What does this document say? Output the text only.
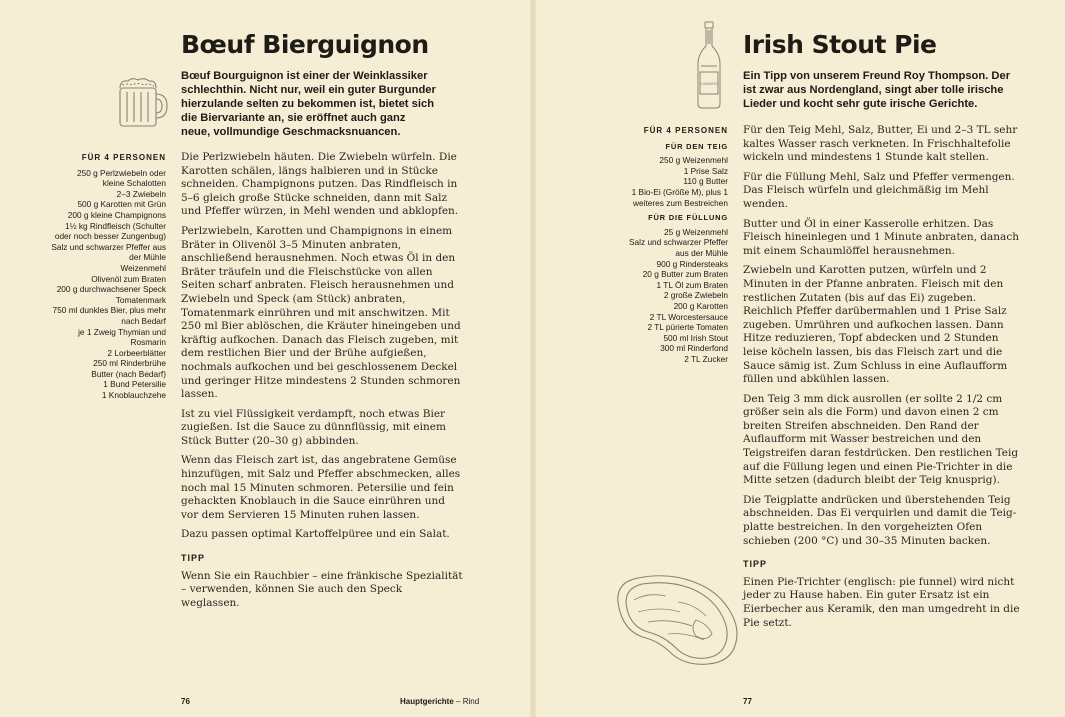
Bœuf Bierguignon

Bœuf Bourguignon ist einer der Weinklassiker schlechthin. Nicht nur, weil ein guter Burgunder hierzulande selten zu bekommen ist, bietet sich die Biervariante an, sie eröffnet auch ganz neue, vollmundige Geschmacksnuancen.

FÜR 4 PERSONEN
250 g Perlzwiebeln oder
kleine Schalotten
2–3 Zwiebeln
500 g Karotten mit Grün
200 g kleine Champignons
1½ kg Rindfleisch (Schulter
oder noch besser Zungenbug)
Salz und schwarzer Pfeffer aus
der Mühle
Weizenmehl
Olivenöl zum Braten
200 g durchwachsener Speck
Tomatenmark
750 ml dunkles Bier, plus mehr
nach Bedarf
je 1 Zweig Thymian und
Rosmarin
2 Lorbeerblätter
250 ml Rinderbrühe
Butter (nach Bedarf)
1 Bund Petersilie
1 Knoblauchzehe

Die Perlzwiebeln häuten. Die Zwiebeln würfeln. Die Karotten schälen, längs halbieren und in Stücke schneiden. Champignons putzen. Das Rindfleisch in 5–6 gleich große Stücke schneiden, dann mit Salz und Pfeffer würzen, in Mehl wenden und abklopfen.

Perlzwiebeln, Karotten und Champignons in einem Bräter in Olivenöl 3–5 Minuten anbraten, anschließend herausnehmen. Noch etwas Öl in den Bräter träufeln und die Fleischstücke von allen Seiten scharf anbraten. Fleisch herausnehmen und Zwiebeln und Speck (am Stück) anbraten, Tomatenmark einrühren und mit anschwitzen. Mit 250 ml Bier ablöschen, die Kräuter hineingeben und kräftig aufkochen. Danach das Fleisch zugeben, mit dem restlichen Bier und der Brühe aufgießen, nochmals aufkochen und bei geschlossenem Deckel und geringer Hitze mindestens 2 Stunden schmoren lassen.

Ist zu viel Flüssigkeit verdampft, noch etwas Bier zugießen. Ist die Sauce zu dünnflüssig, mit einem Stück Butter (20–30 g) abbinden.

Wenn das Fleisch zart ist, das angebratene Gemüse hinzufügen, mit Salz und Pfeffer abschmecken, alles noch mal 15 Minuten schmoren. Petersilie und fein gehackten Knoblauch in die Sauce einrühren und vor dem Servieren 15 Minuten ruhen lassen.

Dazu passen optimal Kartoffelpüree und ein Salat.

TIPP

Wenn Sie ein Rauchbier – eine fränkische Spezialität – verwenden, können Sie auch den Speck weglassen.

76	Hauptgerichte – Rind
Irish Stout Pie
GUINNESS

Ein Tipp von unserem Freund Roy Thompson. Der ist zwar aus Nordengland, singt aber tolle irische Lieder und kocht sehr gute irische Gerichte.

FÜR 4 PERSONEN
FÜR DEN TEIG
250 g Weizenmehl
1 Prise Salz
110 g Butter
1 Bio-Ei (Größe M), plus 1
weiteres zum Bestreichen
FÜR DIE FÜLLUNG
25 g Weizenmehl
Salz und schwarzer Pfeffer
aus der Mühle
900 g Rindersteaks
20 g Butter zum Braten
1 TL Öl zum Braten
2 große Zwiebeln
200 g Karotten
2 TL Worcestersauce
2 TL pürierte Tomaten
500 ml Irish Stout
300 ml Rinderfond
2 TL Zucker

Für den Teig Mehl, Salz, Butter, Ei und 2–3 TL sehr kaltes Wasser rasch verkneten. In Frischhaltefolie wickeln und mindestens 1 Stunde kalt stellen.

Für die Füllung Mehl, Salz und Pfeffer vermengen. Das Fleisch würfeln und gleichmäßig im Mehl wenden.

Butter und Öl in einer Kasserolle erhitzen. Das Fleisch hineinlegen und 1 Minute anbraten, danach mit einem Schaumlöffel herausnehmen.

Zwiebeln und Karotten putzen, würfeln und 2 Minuten in der Pfanne anbraten. Fleisch mit den restlichen Zutaten (bis auf das Ei) zugeben. Reichlich Pfeffer darübermahlen und 1 Prise Salz zugeben. Umrühren und aufkochen lassen. Dann Hitze reduzieren, Topf abdecken und 2 Stunden leise köcheln lassen, bis das Fleisch zart und die Sauce sämig ist. Zum Schluss in eine Auflaufform füllen und abkühlen lassen.

Den Teig 3 mm dick ausrollen (er sollte 2 1/2 cm größer sein als die Form) und davon einen 2 cm breiten Streifen abschneiden. Den Rand der Auflaufform mit Wasser bestreichen und den Teigstreifen daran festdrücken. Den restlichen Teig auf die Füllung legen und einen Pie-Trichter in die Mitte setzen (dadurch bleibt der Teig knusprig).

Die Teigplatte andrücken und überstehenden Teig abschneiden. Das Ei verquirlen und damit die Teigplatte bestreichen. In den vorgeheizten Ofen schieben (200 °C) und 30–35 Minuten backen.

TIPP

Einen Pie-Trichter (englisch: pie funnel) wird nicht jeder zu Hause haben. Ein guter Ersatz ist ein Eierbecher aus Keramik, den man umgedreht in die Pie setzt.

77
